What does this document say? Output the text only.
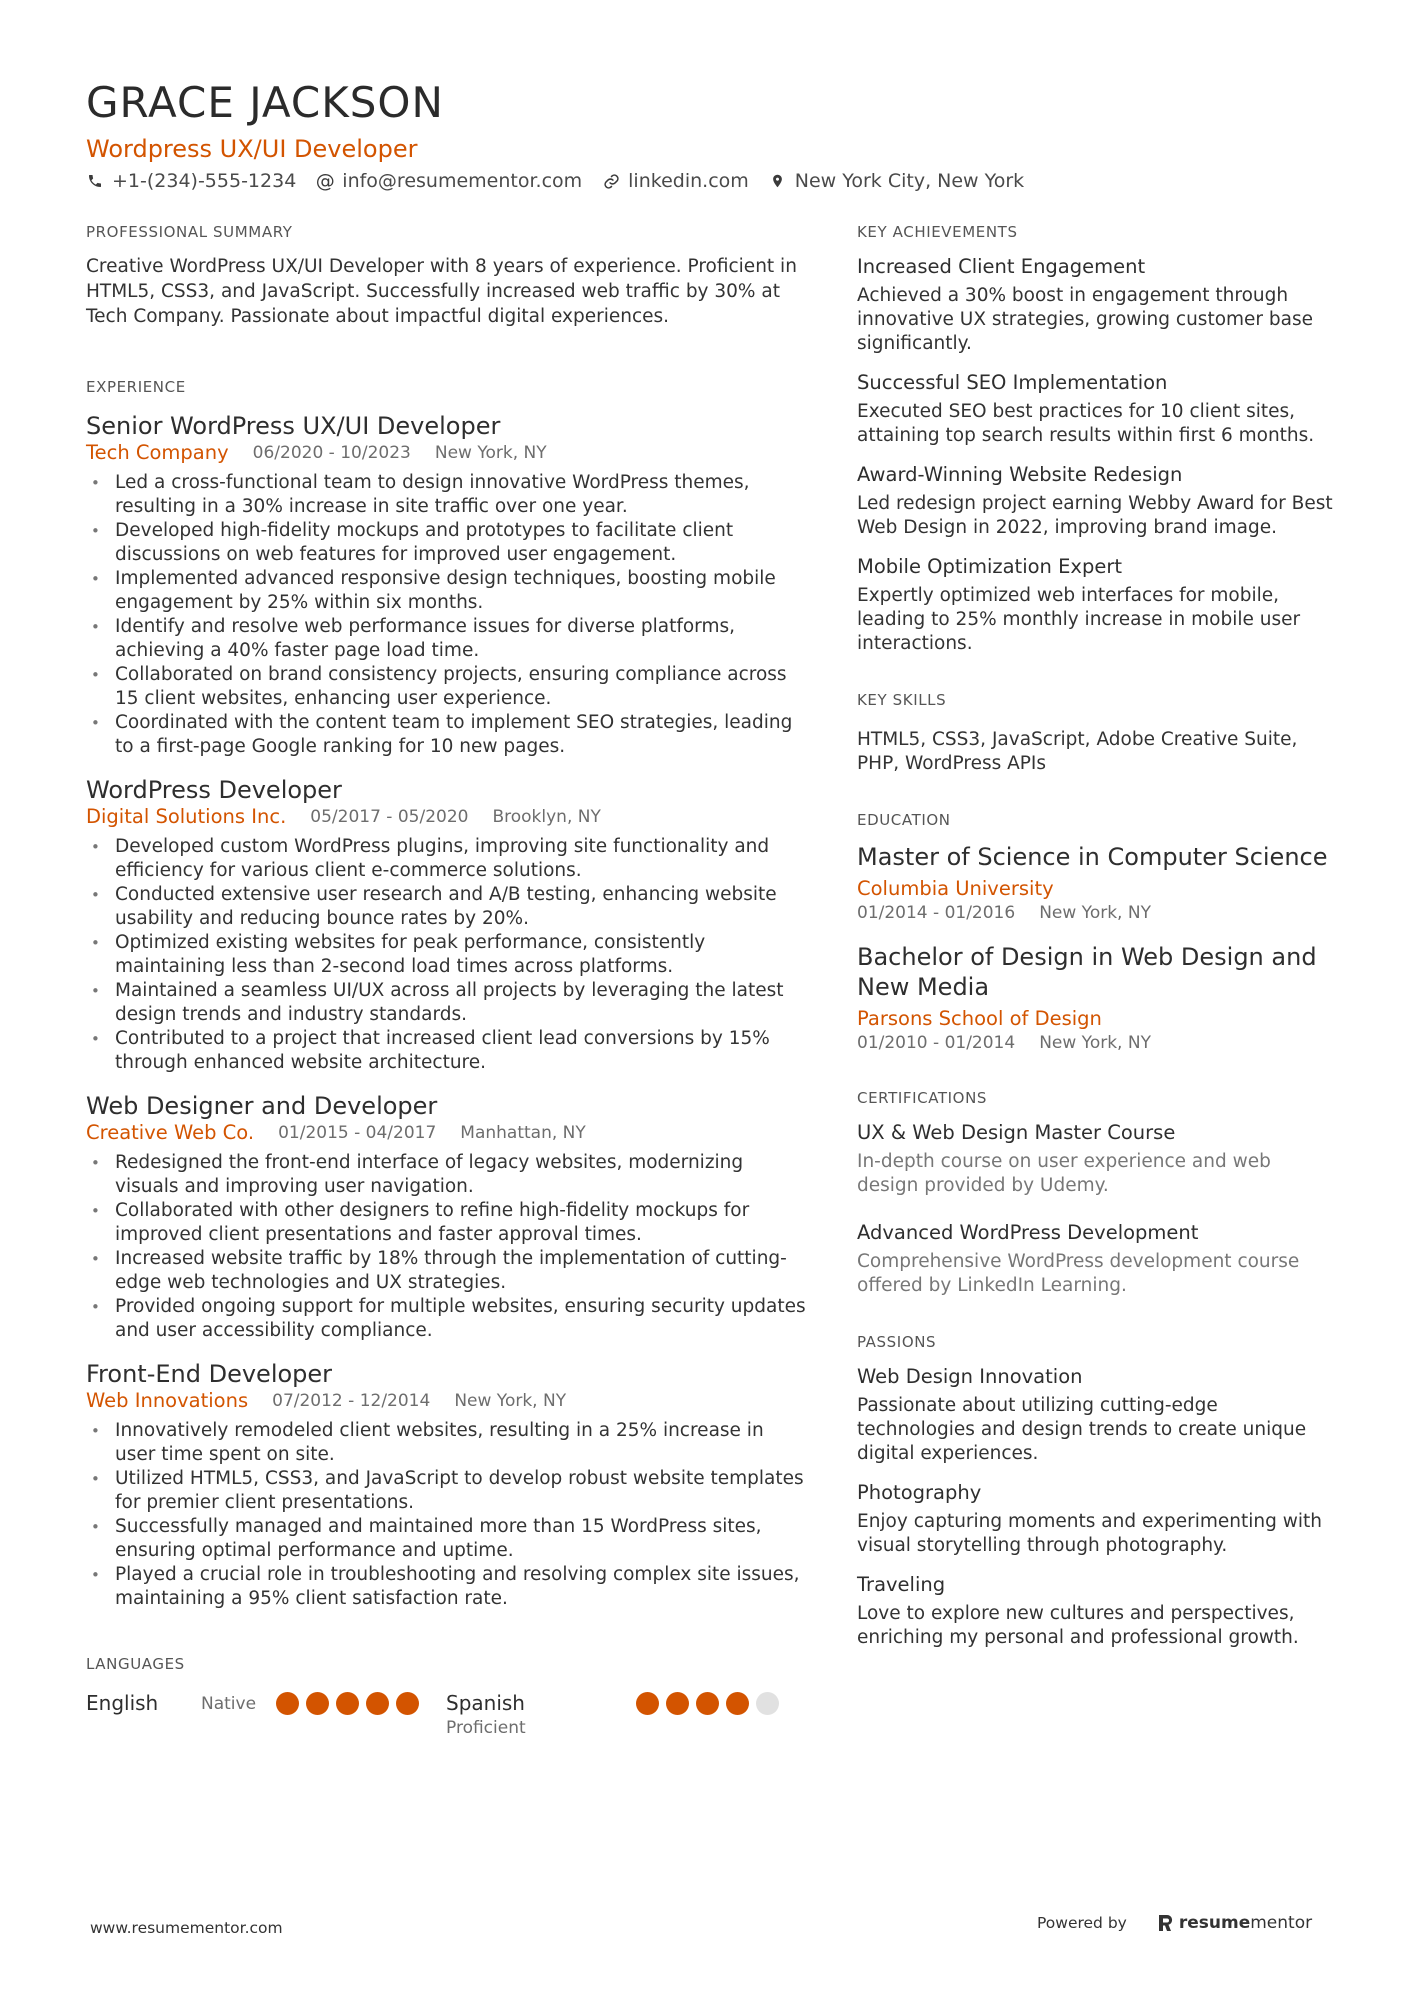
GRACE JACKSON
Wordpress UX/UI Developer
+1-(234)-555-1234 @ info@resumementor.com linkedin.com New York City, New York
PROFESSIONAL SUMMARY
Creative WordPress UX/UI Developer with 8 years of experience. Proficient in HTML5, CSS3, and JavaScript. Successfully increased web traffic by 30% at Tech Company. Passionate about impactful digital experiences.
EXPERIENCE
Senior WordPress UX/UI Developer
Tech Company 06/2020 - 10/2023 New York, NY
• Led a cross-functional team to design innovative WordPress themes, resulting in a 30% increase in site traffic over one year.
• Developed high-fidelity mockups and prototypes to facilitate client discussions on web features for improved user engagement.
• Implemented advanced responsive design techniques, boosting mobile engagement by 25% within six months.
• Identify and resolve web performance issues for diverse platforms, achieving a 40% faster page load time.
• Collaborated on brand consistency projects, ensuring compliance across 15 client websites, enhancing user experience.
• Coordinated with the content team to implement SEO strategies, leading to a first-page Google ranking for 10 new pages.
WordPress Developer
Digital Solutions Inc. 05/2017 - 05/2020 Brooklyn, NY
• Developed custom WordPress plugins, improving site functionality and efficiency for various client e-commerce solutions.
• Conducted extensive user research and A/B testing, enhancing website usability and reducing bounce rates by 20%.
• Optimized existing websites for peak performance, consistently maintaining less than 2-second load times across platforms.
• Maintained a seamless UI/UX across all projects by leveraging the latest design trends and industry standards.
• Contributed to a project that increased client lead conversions by 15% through enhanced website architecture.
Web Designer and Developer
Creative Web Co. 01/2015 - 04/2017 Manhattan, NY
• Redesigned the front-end interface of legacy websites, modernizing visuals and improving user navigation.
• Collaborated with other designers to refine high-fidelity mockups for improved client presentations and faster approval times.
• Increased website traffic by 18% through the implementation of cutting-edge web technologies and UX strategies.
• Provided ongoing support for multiple websites, ensuring security updates and user accessibility compliance.
Front-End Developer
Web Innovations 07/2012 - 12/2014 New York, NY
• Innovatively remodeled client websites, resulting in a 25% increase in user time spent on site.
• Utilized HTML5, CSS3, and JavaScript to develop robust website templates for premier client presentations.
• Successfully managed and maintained more than 15 WordPress sites, ensuring optimal performance and uptime.
• Played a crucial role in troubleshooting and resolving complex site issues, maintaining a 95% client satisfaction rate.
LANGUAGES
English	Native	Spanish
Proficient
KEY ACHIEVEMENTS
Increased Client Engagement
Achieved a 30% boost in engagement through innovative UX strategies, growing customer base significantly.
Successful SEO Implementation
Executed SEO best practices for 10 client sites, attaining top search results within first 6 months.
Award-Winning Website Redesign
Led redesign project earning Webby Award for Best Web Design in 2022, improving brand image.
Mobile Optimization Expert
Expertly optimized web interfaces for mobile, leading to 25% monthly increase in mobile user interactions.
KEY SKILLS
HTML5, CSS3, JavaScript, Adobe Creative Suite, PHP, WordPress APIs
EDUCATION
Master of Science in Computer Science
Columbia University
01/2014 - 01/2016 New York, NY
Bachelor of Design in Web Design and New Media
Parsons School of Design
01/2010 - 01/2014 New York, NY
CERTIFICATIONS
UX & Web Design Master Course
In-depth course on user experience and web design provided by Udemy.
Advanced WordPress Development
Comprehensive WordPress development course offered by LinkedIn Learning.
PASSIONS
Web Design Innovation
Passionate about utilizing cutting-edge technologies and design trends to create unique digital experiences.
Photography
Enjoy capturing moments and experimenting with visual storytelling through photography.
Traveling
Love to explore new cultures and perspectives, enriching my personal and professional growth.
www.resumementor.com	Powered by	resumementor
